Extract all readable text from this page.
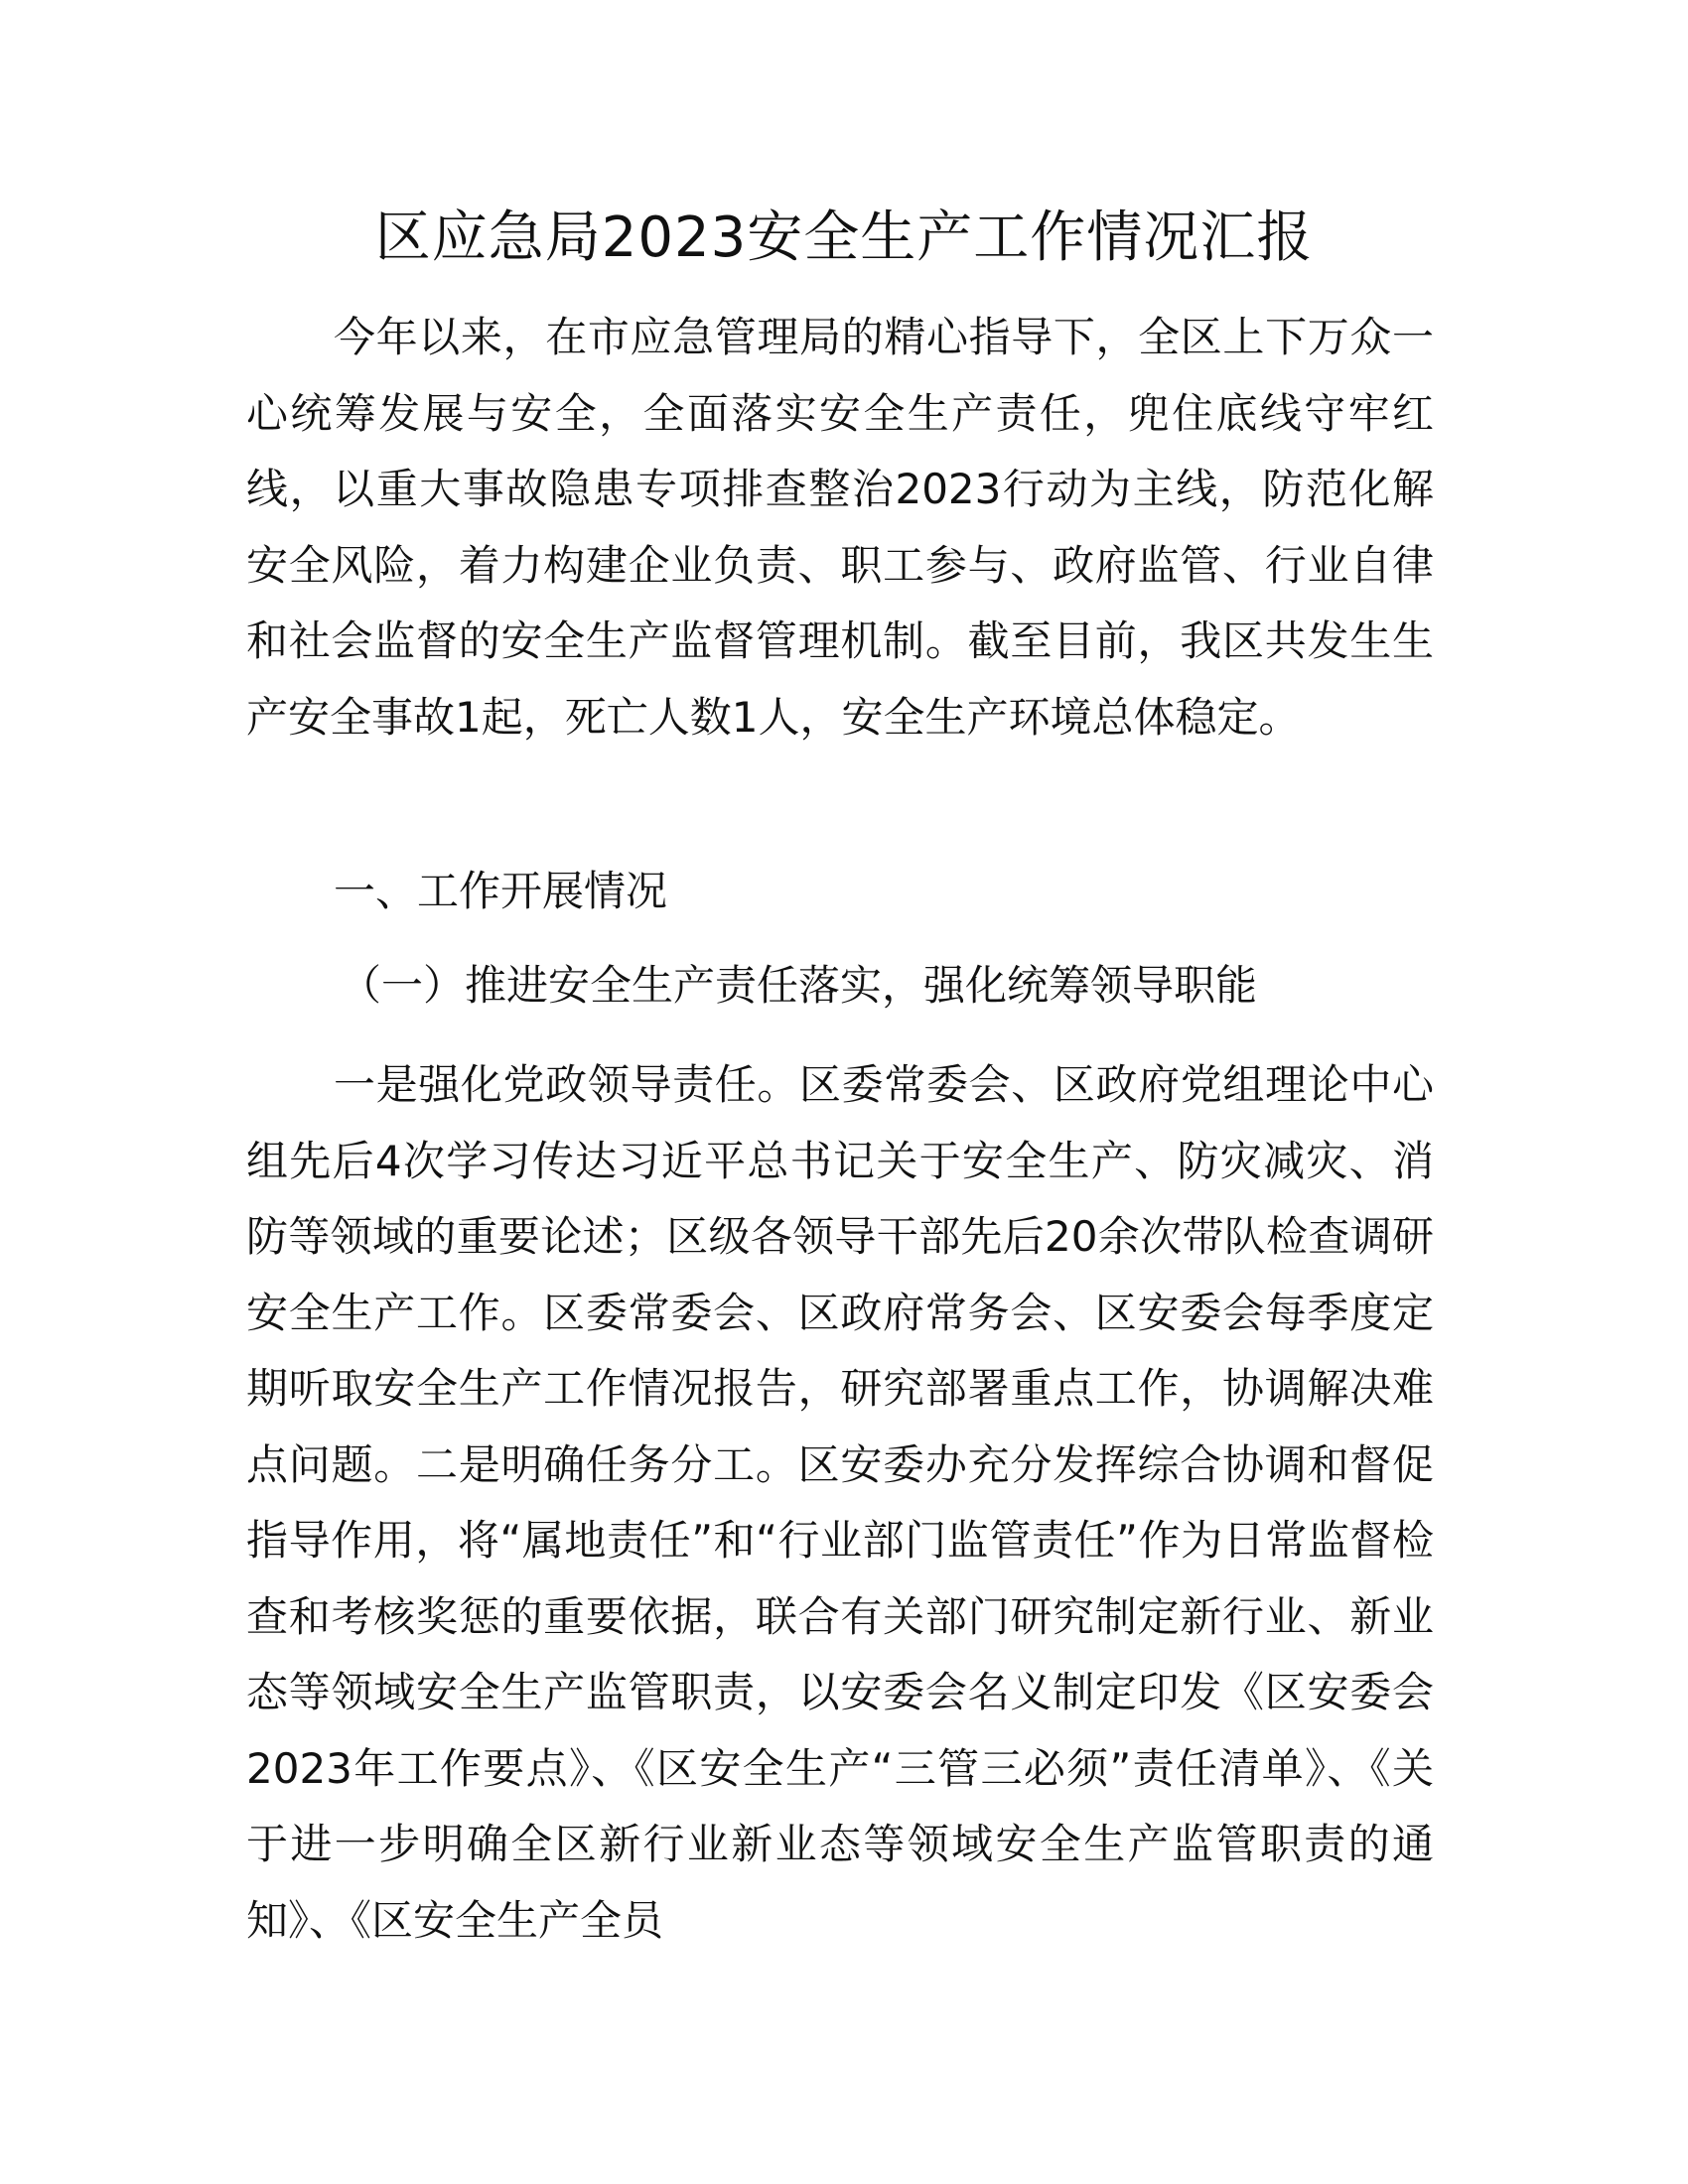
区应急局2023安全生产工作情况汇报

今年以来，在市应急管理局的精心指导下，全区上下万众一心统筹发展与安全，全面落实安全生产责任，兜住底线守牢红线，以重大事故隐患专项排查整治2023行动为主线，防范化解安全风险，着力构建企业负责、职工参与、政府监管、行业自律和社会监督的安全生产监督管理机制。截至目前，我区共发生生产安全事故1起，死亡人数1人，安全生产环境总体稳定。

一、工作开展情况

（一）推进安全生产责任落实，强化统筹领导职能

一是强化党政领导责任。区委常委会、区政府党组理论中心组先后4次学习传达习近平总书记关于安全生产、防灾减灾、消防等领域的重要论述；区级各领导干部先后20余次带队检查调研安全生产工作。区委常委会、区政府常务会、区安委会每季度定期听取安全生产工作情况报告，研究部署重点工作，协调解决难点问题。二是明确任务分工。区安委办充分发挥综合协调和督促指导作用，将“属地责任”和“行业部门监管责任”作为日常监督检查和考核奖惩的重要依据，联合有关部门研究制定新行业、新业态等领域安全生产监管职责，以安委会名义制定印发《区安委会2023年工作要点》、《区安全生产“三管三必须”责任清单》、《关于进一步明确全区新行业新业态等领域安全生产监管职责的通知》、《区安全生产全员
